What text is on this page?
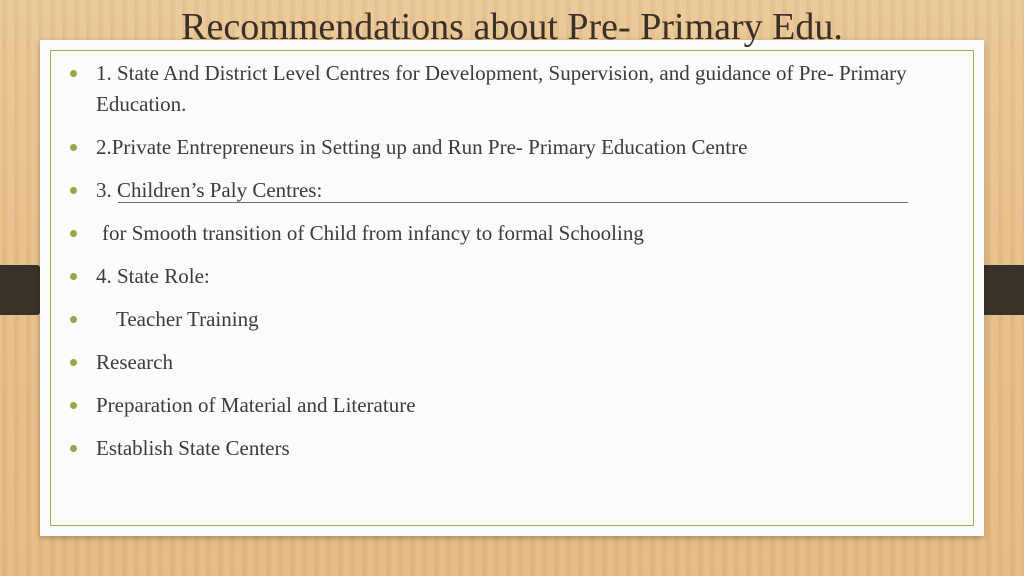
Recommendations about Pre- Primary Edu.
1. State And District Level Centres for Development, Supervision, and guidance of Pre- Primary Education.
2.Private Entrepreneurs in Setting up and Run Pre- Primary Education Centre
3. Children’s Paly Centres:
for Smooth transition of Child from infancy to formal Schooling
4. State Role:
Teacher Training
Research
Preparation of Material and Literature
Establish State Centers
